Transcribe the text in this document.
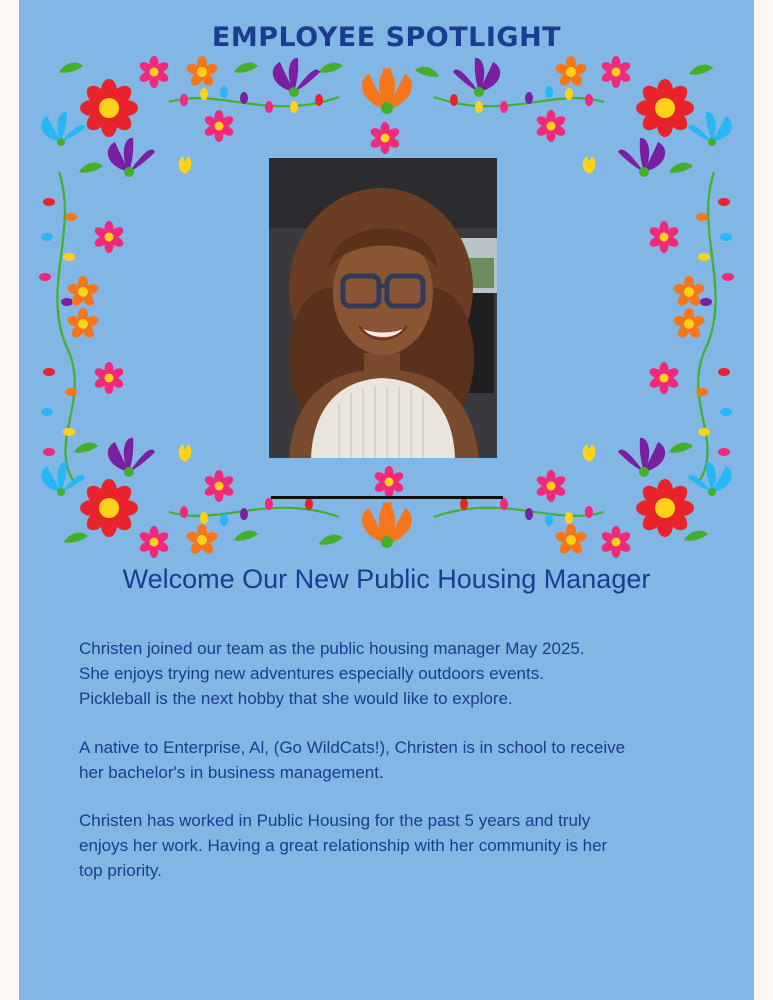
EMPLOYEE SPOTLIGHT
Welcome Our New Public Housing Manager

Christen joined our team as the public housing manager May 2025.
She enjoys trying new adventures especially outdoors events.
Pickleball is the next hobby that she would like to explore.

A native to Enterprise, Al, (Go WildCats!), Christen is in school to receive
her bachelor's in business management.

Christen has worked in Public Housing for the past 5 years and truly
enjoys her work. Having a great relationship with her community is her
top priority.
